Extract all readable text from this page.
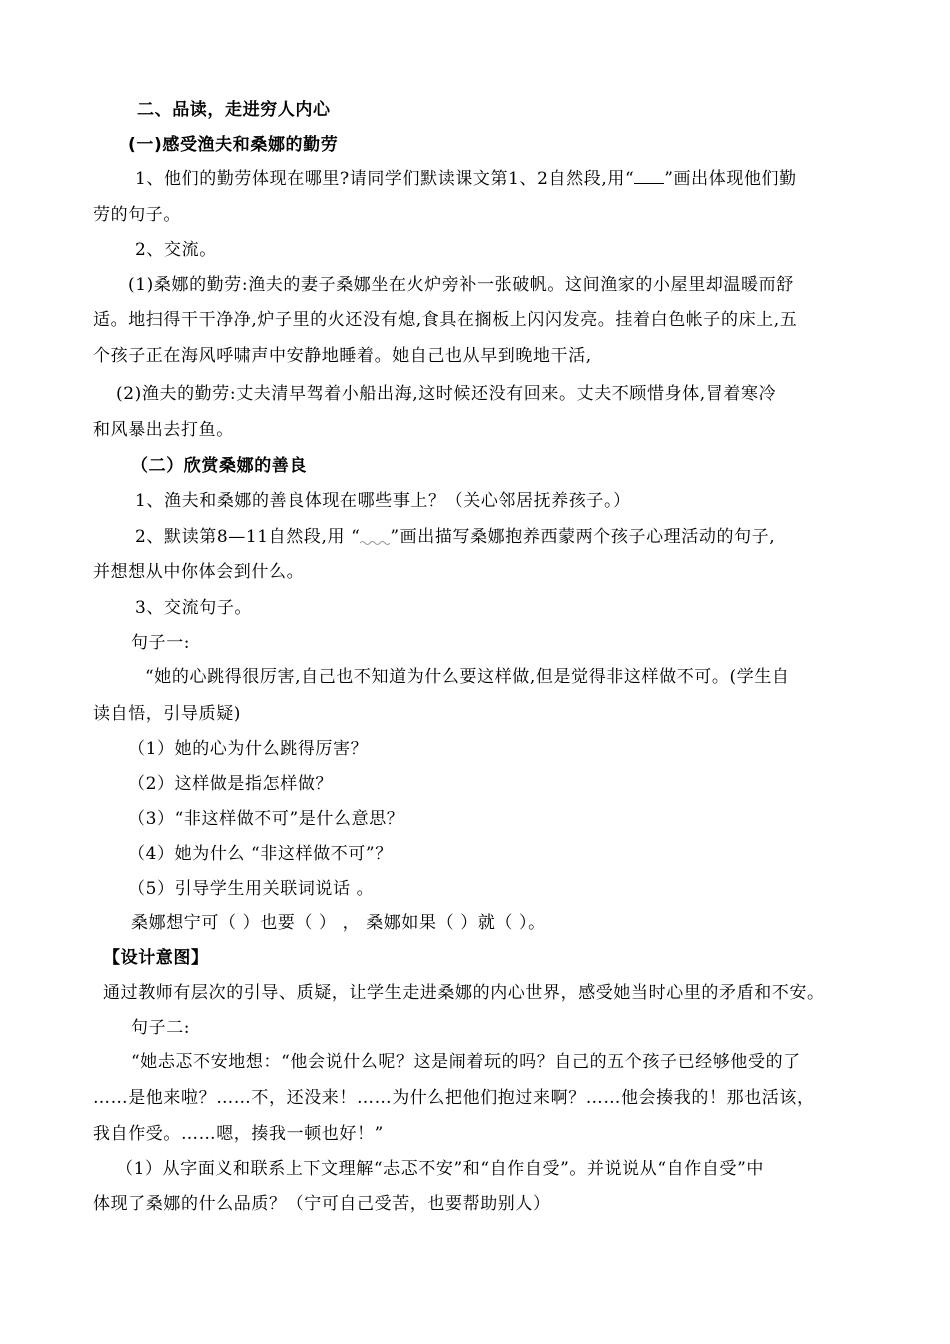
二、品读，走进穷人内心
(一)感受渔夫和桑娜的勤劳
1、他们的勤劳体现在哪里?请同学们默读课文第1、2自然段,用“ ”画出体现他们勤
劳的句子。
2、交流。
(1)桑娜的勤劳:渔夫的妻子桑娜坐在火炉旁补一张破帆。这间渔家的小屋里却温暖而舒
适。地扫得干干净净,炉子里的火还没有熄,食具在搁板上闪闪发亮。挂着白色帐子的床上,五
个孩子正在海风呼啸声中安静地睡着。她自己也从早到晚地干活,
(2)渔夫的勤劳:丈夫清早驾着小船出海,这时候还没有回来。丈夫不顾惜身体,冒着寒冷
和风暴出去打鱼。
（二）欣赏桑娜的善良
1、渔夫和桑娜的善良体现在哪些事上？（关心邻居抚养孩子。）
2、默读第8—11自然段,用 “ ”画出描写桑娜抱养西蒙两个孩子心理活动的句子,
并想想从中你体会到什么。
3、交流句子。
句子一:
“她的心跳得很厉害,自己也不知道为什么要这样做,但是觉得非这样做不可。(学生自
读自悟，引导质疑)
（1）她的心为什么跳得厉害？
（2）这样做是指怎样做？
（3）“非这样做不可”是什么意思？
（4）她为什么 “非这样做不可”？
（5）引导学生用关联词说话 。
桑娜想宁可（ ）也要（ ） ， 桑娜如果（ ）就（ ）。
【设计意图】
通过教师有层次的引导、质疑，让学生走进桑娜的内心世界，感受她当时心里的矛盾和不安。
句子二:
“她忐忑不安地想：“他会说什么呢？这是闹着玩的吗？自己的五个孩子已经够他受的了
……是他来啦？……不，还没来！……为什么把他们抱过来啊？……他会揍我的！那也活该，
我自作受。……嗯，揍我一顿也好！”
（1）从字面义和联系上下文理解“忐忑不安”和“自作自受”。并说说从“自作自受”中
体现了桑娜的什么品质？（宁可自己受苦，也要帮助别人）
